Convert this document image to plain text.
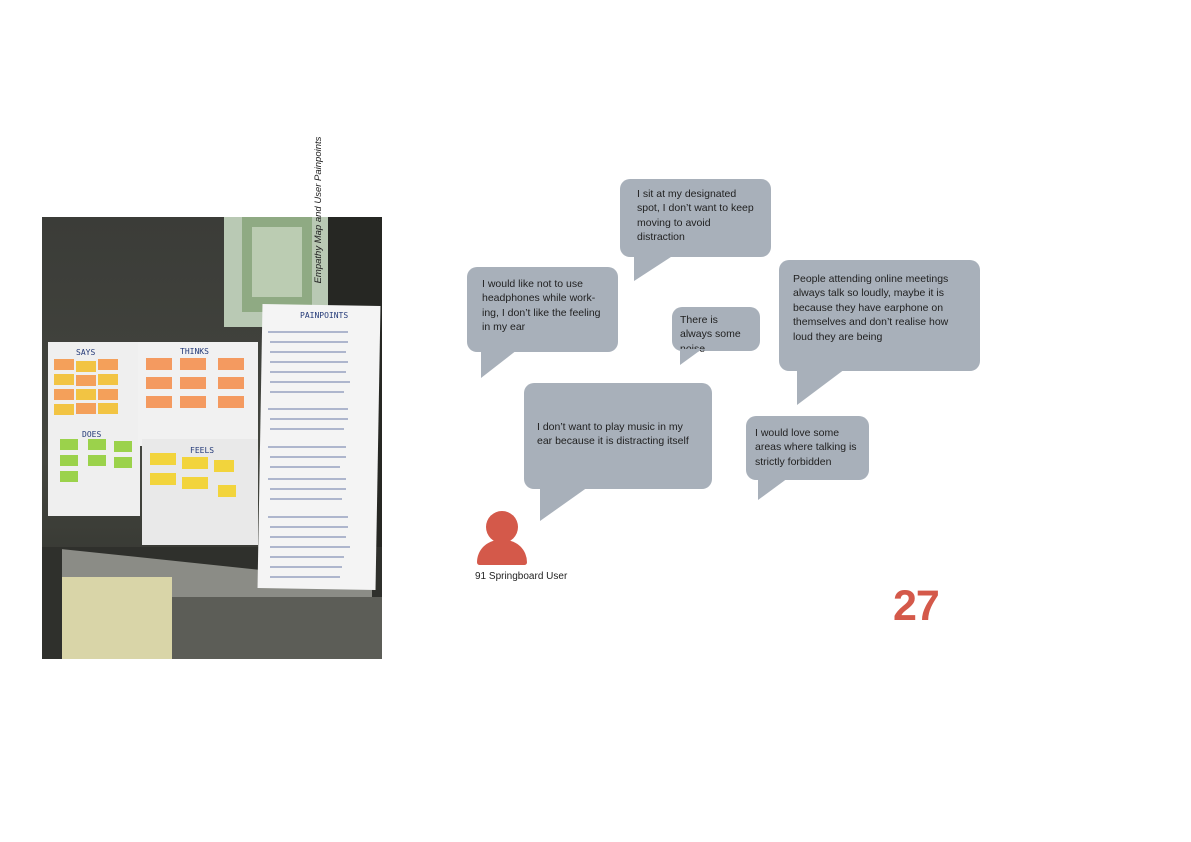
SAYS	THINKS
DOES
FEELS
PAINPOINTS
Empathy Map and User Painpoints	I sit at my designated spot, I don’t want to keep moving to avoid distraction
I would like not to use headphones while work-ing, I don’t like the feeling in my ear
There is always some noise
People attending online meetings always talk so loudly, maybe it is because they have earphone on themselves and don’t realise how loud they are being
I don’t want to play music in my ear because it is distracting itself
I would love some areas where talking is strictly forbidden
91 Springboard User
27
